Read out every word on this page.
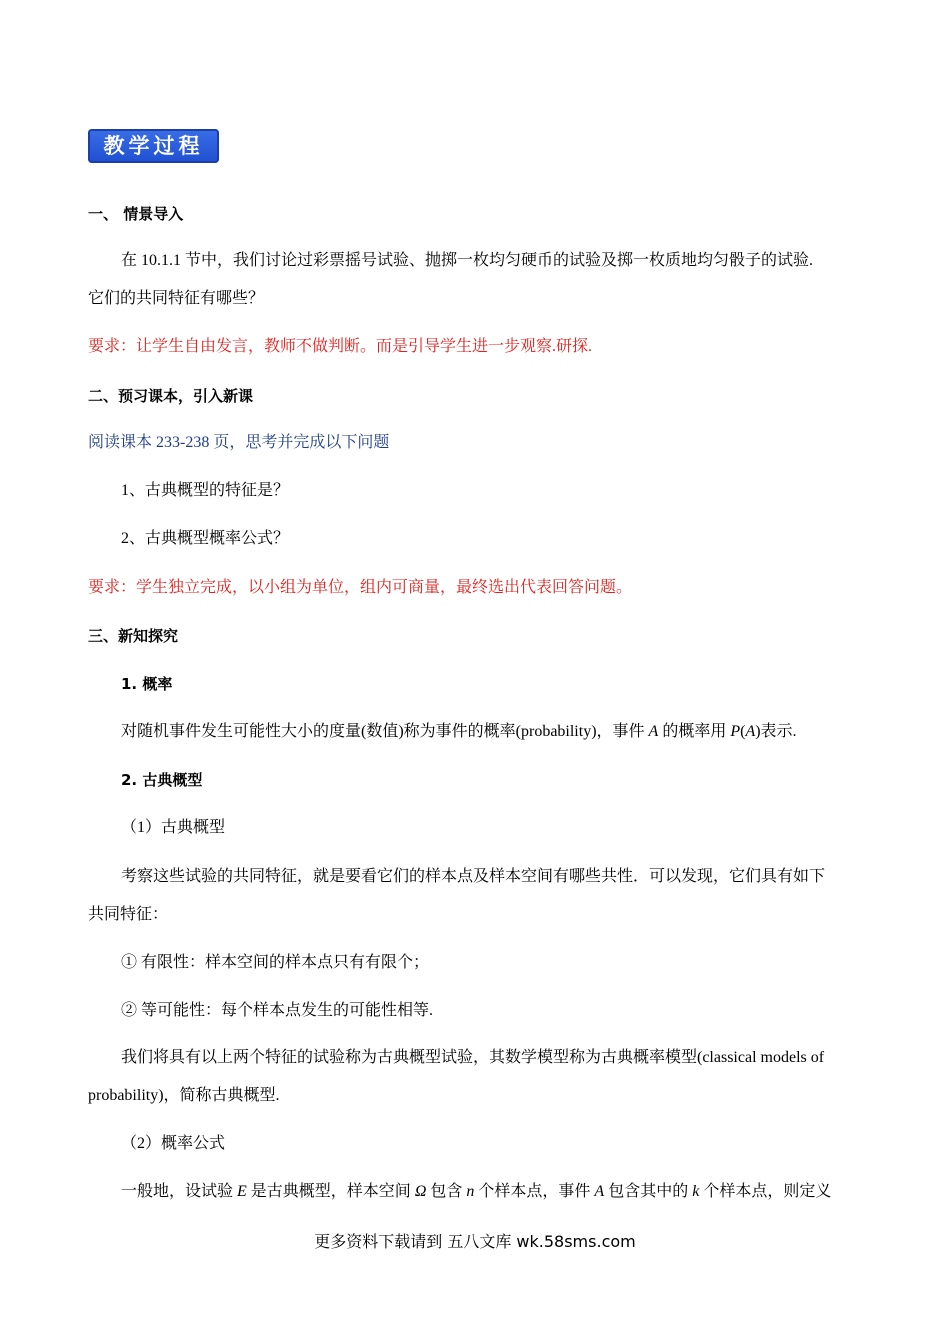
教学过程
一、 情景导入
在 10.1.1 节中，我们讨论过彩票摇号试验、抛掷一枚均匀硬币的试验及掷一枚质地均匀骰子的试验.
它们的共同特征有哪些？
要求：让学生自由发言，教师不做判断。而是引导学生进一步观察.研探.
二、预习课本，引入新课
阅读课本 233-238 页，思考并完成以下问题
1、古典概型的特征是？
2、古典概型概率公式？
要求：学生独立完成，以小组为单位，组内可商量，最终选出代表回答问题。
三、新知探究
1. 概率
对随机事件发生可能性大小的度量(数值)称为事件的概率(probability)，事件 A 的概率用 P(A)表示.
2. 古典概型
（1）古典概型
考察这些试验的共同特征，就是要看它们的样本点及样本空间有哪些共性．可以发现，它们具有如下
共同特征：
① 有限性：样本空间的样本点只有有限个；
② 等可能性：每个样本点发生的可能性相等.
我们将具有以上两个特征的试验称为古典概型试验，其数学模型称为古典概率模型(classical models of
probability)，简称古典概型.
（2）概率公式
一般地，设试验 E 是古典概型，样本空间 Ω 包含 n 个样本点，事件 A 包含其中的 k 个样本点，则定义
更多资料下载请到 五八文库 wk.58sms.com
